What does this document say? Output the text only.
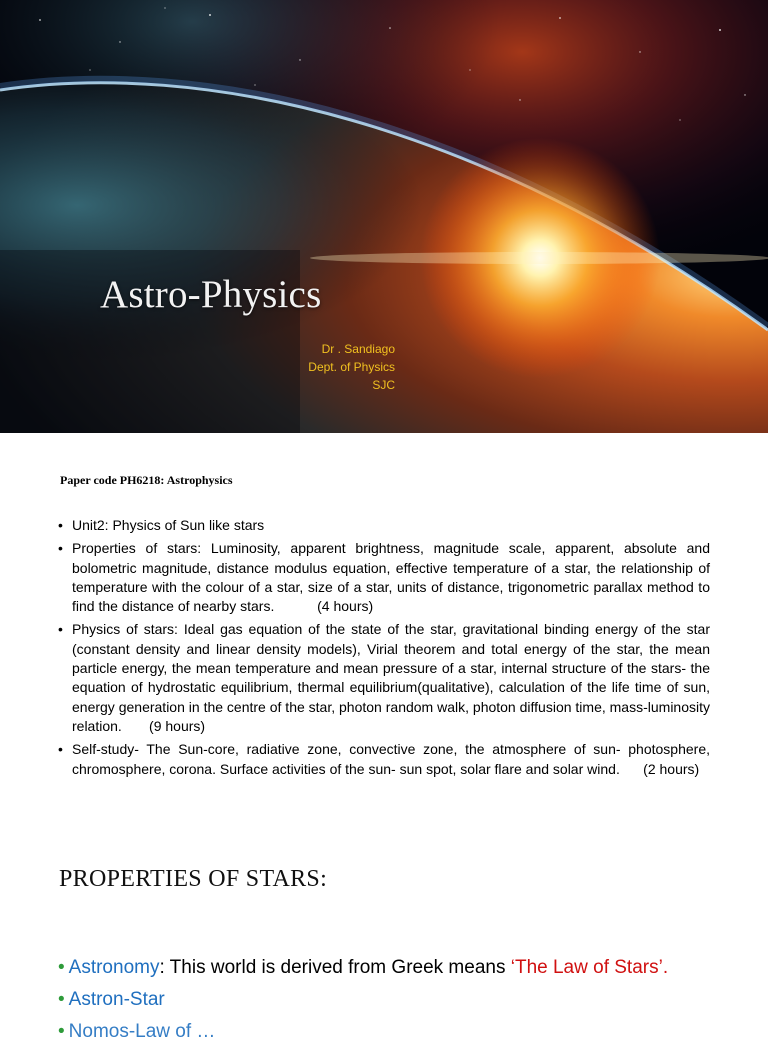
Astro-Physics
Dr . Sandiago
Dept. of Physics
SJC

Paper code PH6218: Astrophysics

• Unit2: Physics of Sun like stars
• Properties of stars: Luminosity, apparent brightness, magnitude scale, apparent, absolute and bolometric magnitude, distance modulus equation, effective temperature of a star, the relationship of temperature with the colour of a star, size of a star, units of distance, trigonometric parallax method to find the distance of nearby stars.           (4 hours)
• Physics of stars: Ideal gas equation of the state of the star, gravitational binding energy of the star (constant density and linear density models), Virial theorem and total energy of the star, the mean particle energy, the mean temperature and mean pressure of a star, internal structure of the stars- the equation of hydrostatic equilibrium, thermal equilibrium(qualitative), calculation of the life time of sun, energy generation in the centre of the star, photon random walk, photon diffusion time, mass-luminosity relation.       (9 hours)
• Self-study- The Sun-core, radiative zone, convective zone, the atmosphere of sun- photosphere, chromosphere, corona. Surface activities of the sun- sun spot, solar flare and solar wind.      (2 hours)
PROPERTIES OF STARS:
• Astronomy: This world is derived from Greek means ‘The Law of Stars’.
• Astron-Star
• Nomos-Law of …
